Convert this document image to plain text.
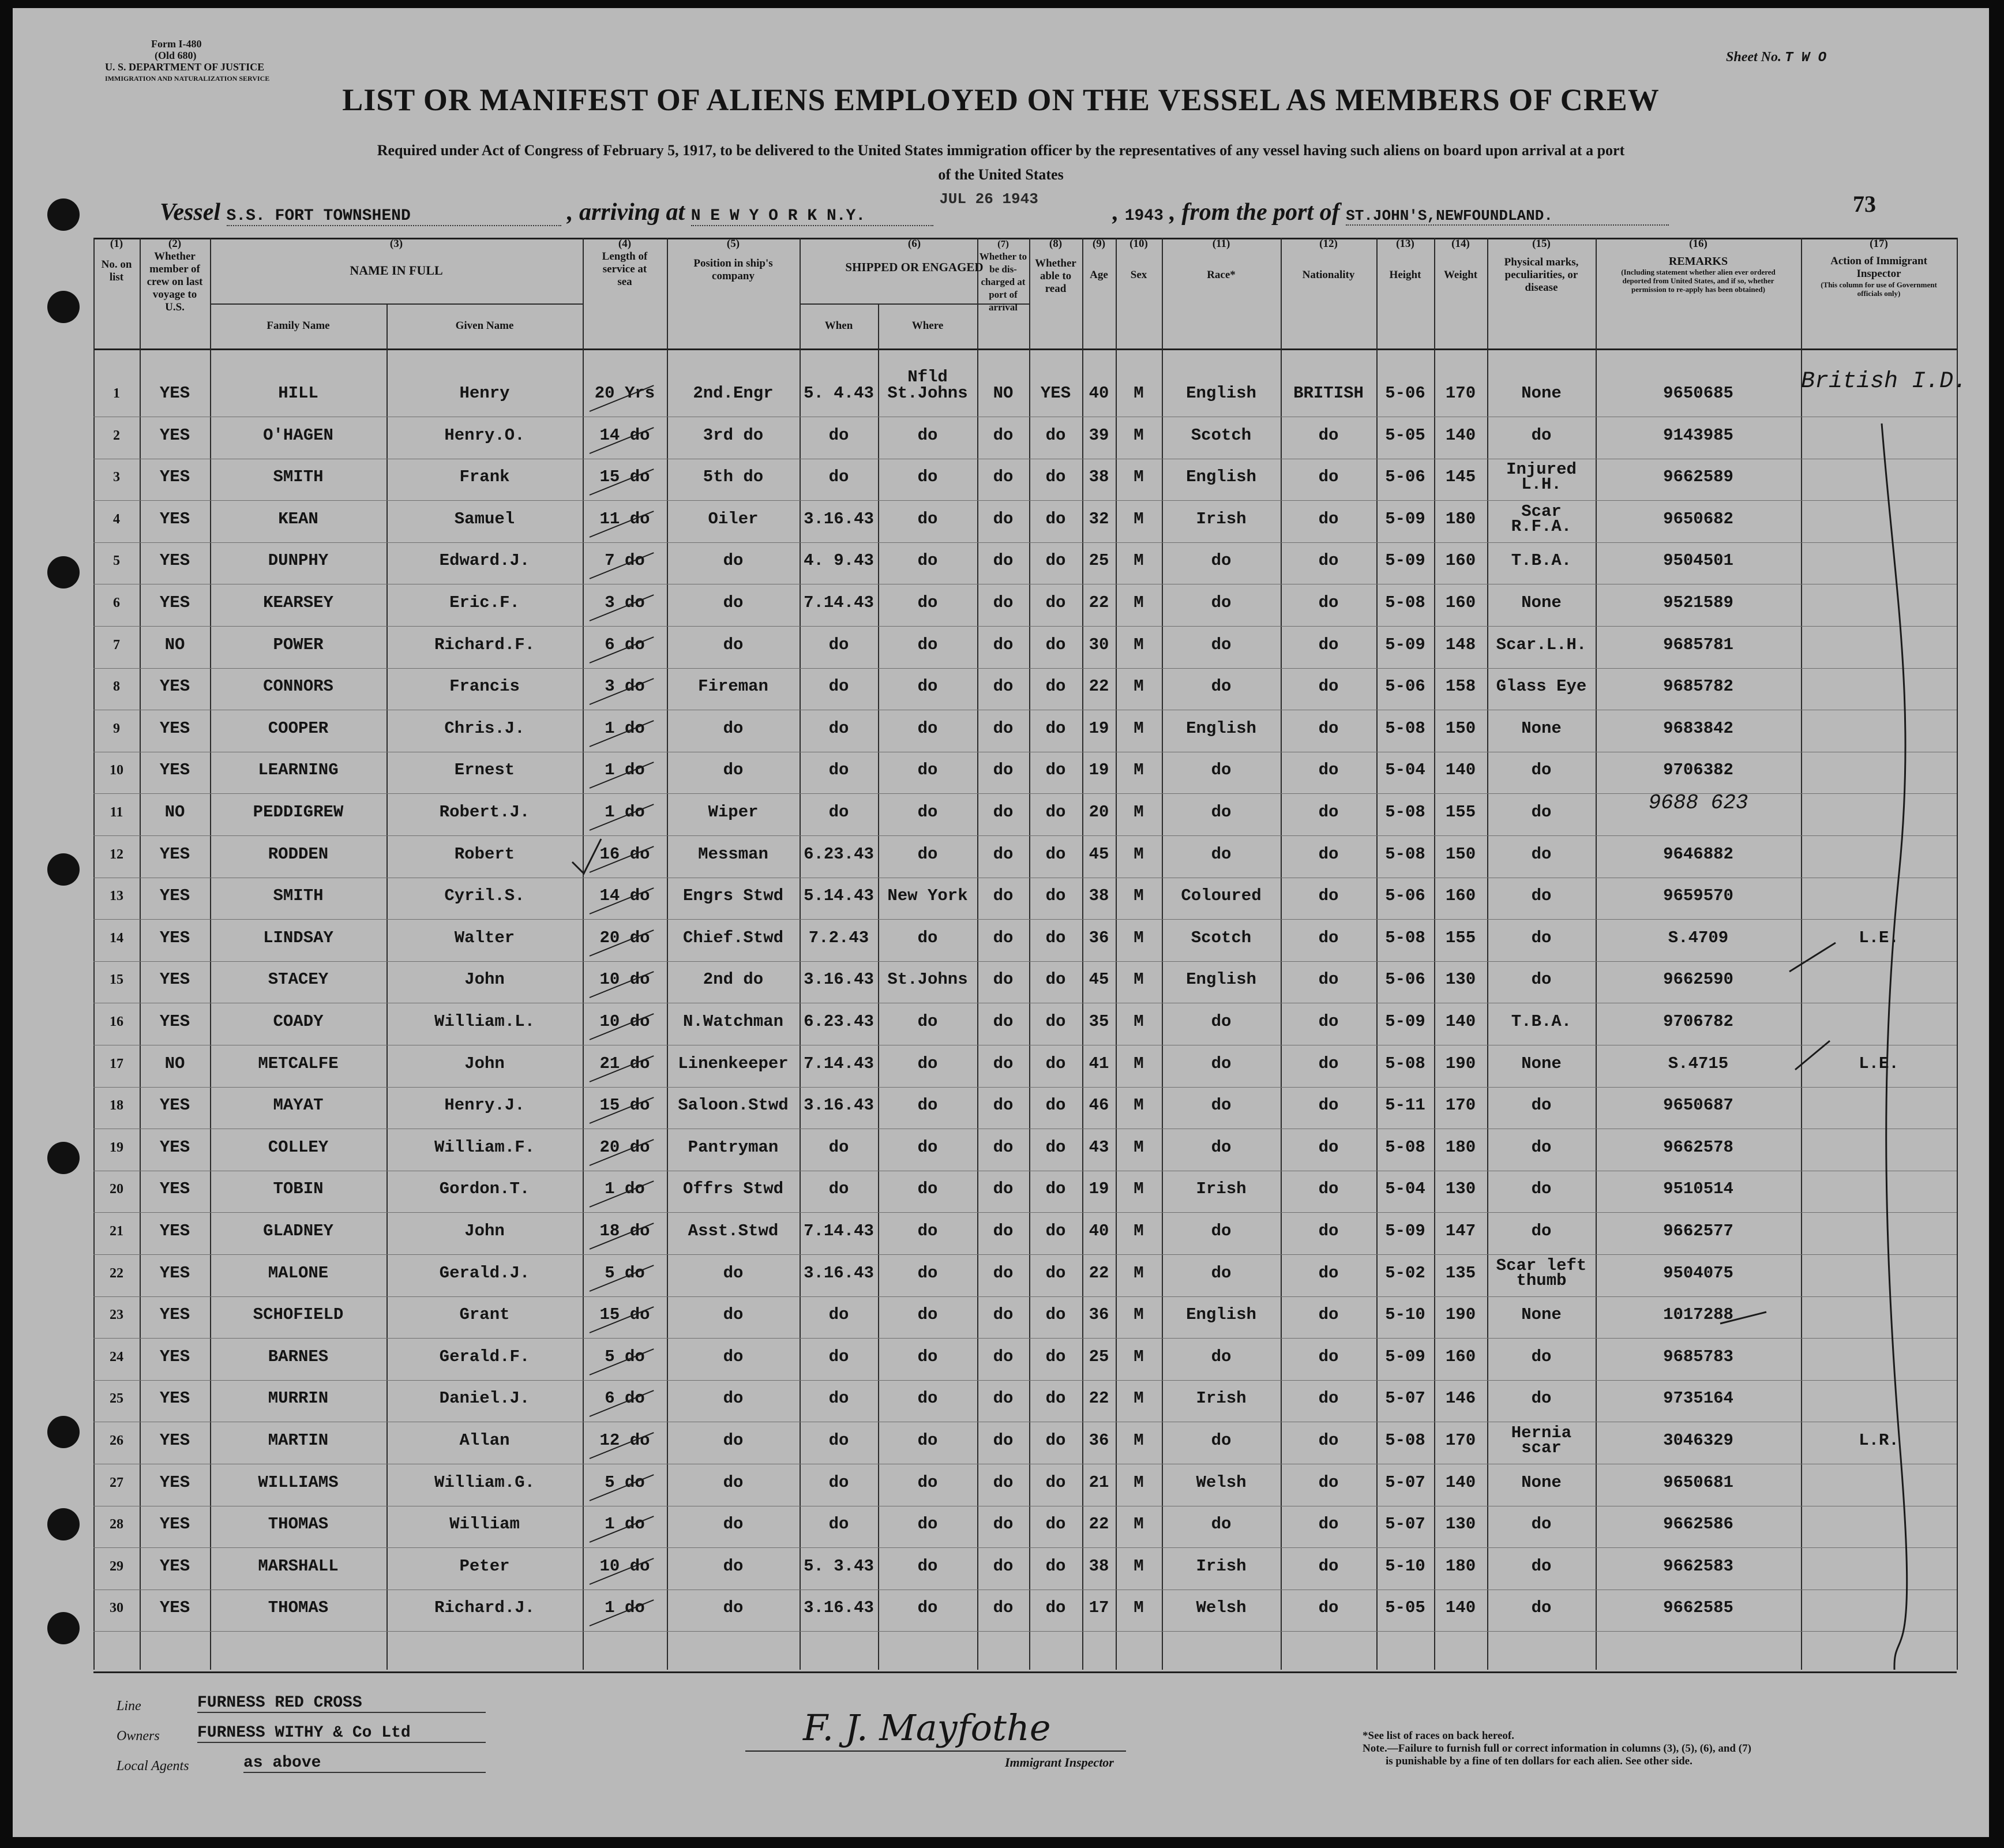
Form I-480
(Old 680)
U. S. DEPARTMENT OF JUSTICE
IMMIGRATION AND NATURALIZATION SERVICE
Sheet No. T W O
LIST OR MANIFEST OF ALIENS EMPLOYED ON THE VESSEL AS MEMBERS OF CREW
Required under Act of Congress of February 5, 1917, to be delivered to the United States immigration officer by the representatives of any vessel having such aliens on board upon arrival at a port
of the United States
73
Vessel S.S. FORT TOWNSHEND	, arriving at N E W Y O R K N.Y. JUL 26 1943	, 1943 , from the port of ST.JOHN'S,NEWFOUNDLAND.
(1)
No. on list
(2)
Whether member of crew on last voyage to U.S.
(3)
NAME IN FULL
Family Name	Given Name
(4)
Length of service at sea
(5)
Position in ship's company
(6)
SHIPPED OR ENGAGED
When	Where
(7)
Whether to be dis-charged at port of arrival
(8)
Whether able to read
(9)
Age
(10)
Sex
(11)
Race*
(12)
Nationality
(13)
Height
(14)
Weight
(15)
Physical marks, peculiarities, or disease
(16)
REMARKS
(Including statement whether alien ever ordered deported from United States, and if so, whether permission to re-apply has been obtained)
(17)
Action of Immigrant Inspector
(This column for use of Government officials only)
1	YES	HILL	Henry	20 Yrs	2nd.Engr	5. 4.43 St.Johns	NO	YES	40	M	English	BRITISH	5-06	170	None	9650685	British I.D.
2	YES	O'HAGEN	Henry.O.	14 do	3rd do	do	do	do	do	39	M	Scotch	do	5-05	140	do	9143985
3	YES	SMITH	Frank	15 do	5th do	do	do	do	do	38	M	English	do	5-06	145	Injured L.H.	9662589
4	YES	KEAN	Samuel	11 do	Oiler	3.16.43	do	do	do	32	M	Irish	do	5-09	180	Scar R.F.A.	9650682
5	YES	DUNPHY	Edward.J.	7 do	do	4. 9.43	do	do	do	25	M	do	do	5-09	160	T.B.A.	9504501
6	YES	KEARSEY	Eric.F.	3 do	do	7.14.43	do	do	do	22	M	do	do	5-08	160	None	9521589
7	NO	POWER	Richard.F.	6 do	do	do	do	do	do	30	M	do	do	5-09	148	Scar.L.H.	9685781
8	YES	CONNORS	Francis	3 do	Fireman	do	do	do	do	22	M	do	do	5-06	158	Glass Eye	9685782
9	YES	COOPER	Chris.J.	1 do	do	do	do	do	do	19	M	English	do	5-08	150	None	9683842
10	YES	LEARNING	Ernest	1 do	do	do	do	do	do	19	M	do	do	5-04	140	do	9706382
11	NO	PEDDIGREW	Robert.J.	1 do	Wiper	do	do	do	do	20	M	do	do	5-08	155	do	9688 623
12	YES	RODDEN	Robert	16 do	Messman	6.23.43	do	do	do	45	M	do	do	5-08	150	do	9646882
13	YES	SMITH	Cyril.S.	14 do	Engrs Stwd	5.14.43 New York	do	do	38	M	Coloured	do	5-06	160	do	9659570
14	YES	LINDSAY	Walter	20 do	Chief.Stwd	7.2.43	do	do	do	36	M	Scotch	do	5-08	155	do	S.4709	L.E.
15	YES	STACEY	John	10 do	2nd do	3.16.43 St.Johns	do	do	45	M	English	do	5-06	130	do	9662590
16	YES	COADY	William.L.	10 do	N.Watchman	6.23.43	do	do	do	35	M	do	do	5-09	140	T.B.A.	9706782
17	NO	METCALFE	John	21 do	Linenkeeper 7.14.43	do	do	do	41	M	do	do	5-08	190	None	S.4715	L.E.
18	YES	MAYAT	Henry.J.	15 do	Saloon.Stwd 3.16.43	do	do	do	46	M	do	do	5-11	170	do	9650687
19	YES	COLLEY	William.F.	20 do	Pantryman	do	do	do	do	43	M	do	do	5-08	180	do	9662578
20	YES	TOBIN	Gordon.T.	1 do	Offrs Stwd	do	do	do	do	19	M	Irish	do	5-04	130	do	9510514
21	YES	GLADNEY	John	18 do	Asst.Stwd	7.14.43	do	do	do	40	M	do	do	5-09	147	do	9662577
22	YES	MALONE	Gerald.J.	5 do	do	3.16.43	do	do	do	22	M	do	do	5-02	135	Scar left thumb	9504075
23	YES	SCHOFIELD	Grant	15 do	do	do	do	do	do	36	M	English	do	5-10	190	None	1017288
24	YES	BARNES	Gerald.F.	5 do	do	do	do	do	do	25	M	do	do	5-09	160	do	9685783
25	YES	MURRIN	Daniel.J.	6 do	do	do	do	do	do	22	M	Irish	do	5-07	146	do	9735164
26	YES	MARTIN	Allan	12 do	do	do	do	do	do	36	M	do	do	5-08	170	Hernia scar	3046329	L.R.
27	YES	WILLIAMS	William.G.	5 do	do	do	do	do	do	21	M	Welsh	do	5-07	140	None	9650681
28	YES	THOMAS	William	1 do	do	do	do	do	do	22	M	do	do	5-07	130	do	9662586
29	YES	MARSHALL	Peter	10 do	do	5. 3.43	do	do	do	38	M	Irish	do	5-10	180	do	9662583
30	YES	THOMAS	Richard.J.	1 do	do	3.16.43	do	do	do	17	M	Welsh	do	5-05	140	do	9662585
Nfld
Line	FURNESS RED CROSS
Owners FURNESS WITHY & Co Ltd
Local Agents	as above
F. J. Mayfothe
Immigrant Inspector
*See list of races on back hereof.
Note.—Failure to furnish full or correct information in columns (3), (5), (6), and (7)
is punishable by a fine of ten dollars for each alien. See other side.
